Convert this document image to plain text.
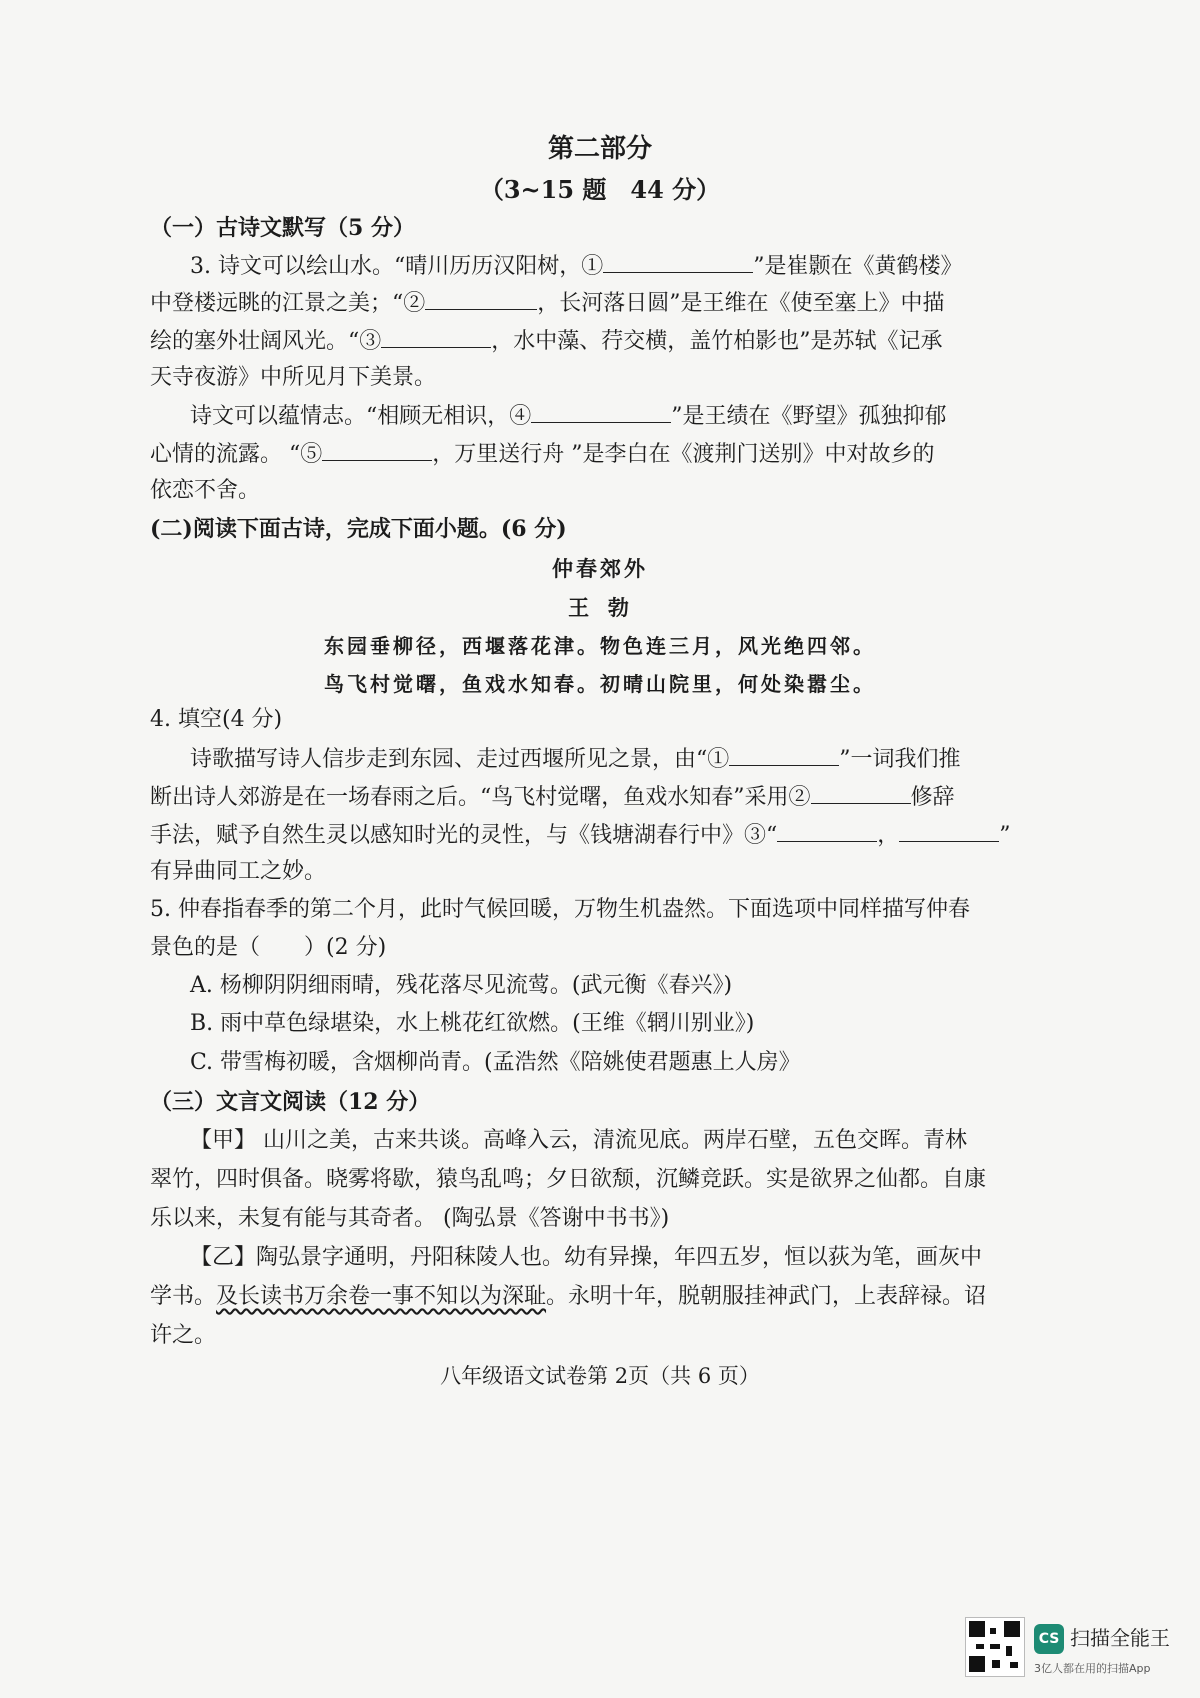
第二部分
（3~15 题　44 分）
（一）古诗文默写（5 分）
3. 诗文可以绘山水。“晴川历历汉阳树，①	”是崔颢在《黄鹤楼》
中登楼远眺的江景之美；“②	，长河落日圆”是王维在《使至塞上》中描
绘的塞外壮阔风光。“③	，水中藻、荇交横，盖竹柏影也”是苏轼《记承
天寺夜游》中所见月下美景。
诗文可以蕴情志。“相顾无相识，④	”是王绩在《野望》孤独抑郁
心情的流露。 “⑤	，万里送行舟 ”是李白在《渡荆门送别》中对故乡的
依恋不舍。
(二)阅读下面古诗，完成下面小题。(6 分)
仲春郊外
王 勃
东园垂柳径，西堰落花津。物色连三月，风光绝四邻。
鸟飞村觉曙，鱼戏水知春。初晴山院里，何处染嚣尘。
4. 填空(4 分)
诗歌描写诗人信步走到东园、走过西堰所见之景，由“①	”一词我们推
断出诗人郊游是在一场春雨之后。“鸟飞村觉曙，鱼戏水知春”采用②	修辞
手法，赋予自然生灵以感知时光的灵性，与《钱塘湖春行中》③“	，	”
有异曲同工之妙。
5. 仲春指春季的第二个月，此时气候回暖，万物生机盎然。下面选项中同样描写仲春
景色的是（　　）(2 分)
A. 杨柳阴阴细雨晴，残花落尽见流莺。(武元衡《春兴》)
B. 雨中草色绿堪染，水上桃花红欲燃。(王维《辋川别业》)
C. 带雪梅初暖，含烟柳尚青。(孟浩然《陪姚使君题惠上人房》
（三）文言文阅读（12 分）
【甲】 山川之美，古来共谈。高峰入云，清流见底。两岸石壁，五色交晖。青林
翠竹，四时俱备。晓雾将歇，猿鸟乱鸣；夕日欲颓，沉鳞竞跃。实是欲界之仙都。自康
乐以来，未复有能与其奇者。 (陶弘景《答谢中书书》)
【乙】陶弘景字通明，丹阳秣陵人也。幼有异操，年四五岁，恒以荻为笔，画灰中
学书。及长读书万余卷一事不知以为深耻。永明十年，脱朝服挂神武门，上表辞禄。诏
许之。
八年级语文试卷第 2页（共 6 页）
CS 扫描全能王
3亿人都在用的扫描App
